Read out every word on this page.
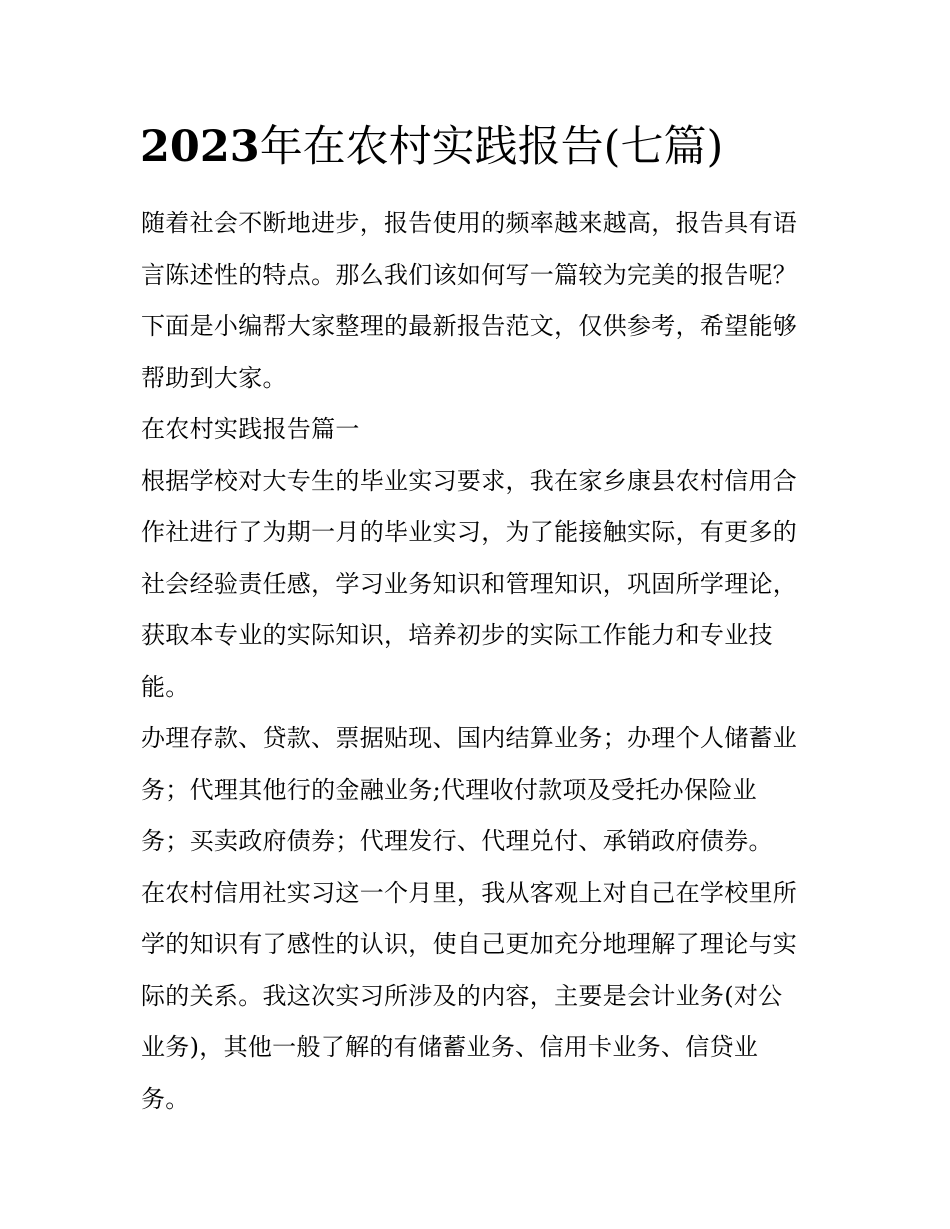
2023年在农村实践报告(七篇)

随着社会不断地进步，报告使用的频率越来越高，报告具有语
言陈述性的特点。那么我们该如何写一篇较为完美的报告呢？
下面是小编帮大家整理的最新报告范文，仅供参考，希望能够
帮助到大家。

在农村实践报告篇一

根据学校对大专生的毕业实习要求，我在家乡康县农村信用合
作社进行了为期一月的毕业实习，为了能接触实际，有更多的
社会经验责任感，学习业务知识和管理知识，巩固所学理论，
获取本专业的实际知识，培养初步的实际工作能力和专业技
能。

办理存款、贷款、票据贴现、国内结算业务；办理个人储蓄业
务；代理其他行的金融业务;代理收付款项及受托办保险业
务；买卖政府债券；代理发行、代理兑付、承销政府债券。

在农村信用社实习这一个月里，我从客观上对自己在学校里所
学的知识有了感性的认识，使自己更加充分地理解了理论与实
际的关系。我这次实习所涉及的内容，主要是会计业务(对公
业务)，其他一般了解的有储蓄业务、信用卡业务、信贷业
务。
